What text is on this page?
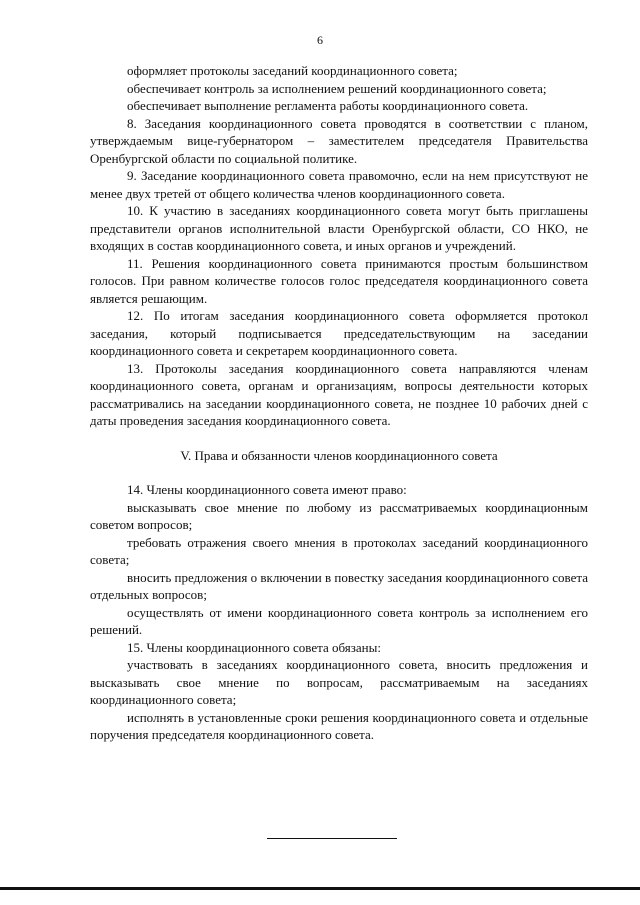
6

оформляет протоколы заседаний координационного совета;

обеспечивает контроль за исполнением решений координационного совета;

обеспечивает выполнение регламента работы координационного совета.

8. Заседания координационного совета проводятся в соответствии с планом, утверждаемым вице-губернатором – заместителем председателя Правительства Оренбургской области по социальной политике.

9. Заседание координационного совета правомочно, если на нем присутствуют не менее двух третей от общего количества членов координационного совета.

10. К участию в заседаниях координационного совета могут быть приглашены представители органов исполнительной власти Оренбургской области, СО НКО, не входящих в состав координационного совета, и иных органов и учреждений.

11. Решения координационного совета принимаются простым большинством голосов. При равном количестве голосов голос председателя координационного совета является решающим.

12. По итогам заседания координационного совета оформляется протокол заседания, который подписывается председательствующим на заседании координационного совета и секретарем координационного совета.

13. Протоколы заседания координационного совета направляются членам координационного совета, органам и организациям, вопросы деятельности которых рассматривались на заседании координационного совета, не позднее 10 рабочих дней с даты проведения заседания координационного совета.

V. Права и обязанности членов координационного совета

14. Члены координационного совета имеют право:

высказывать свое мнение по любому из рассматриваемых координационным советом вопросов;

требовать отражения своего мнения в протоколах заседаний координационного совета;

вносить предложения о включении в повестку заседания координационного совета отдельных вопросов;

осуществлять от имени координационного совета контроль за исполнением его решений.

15. Члены координационного совета обязаны:

участвовать в заседаниях координационного совета, вносить предложения и высказывать свое мнение по вопросам, рассматриваемым на заседаниях координационного совета;

исполнять в установленные сроки решения координационного совета и отдельные поручения председателя координационного совета.
